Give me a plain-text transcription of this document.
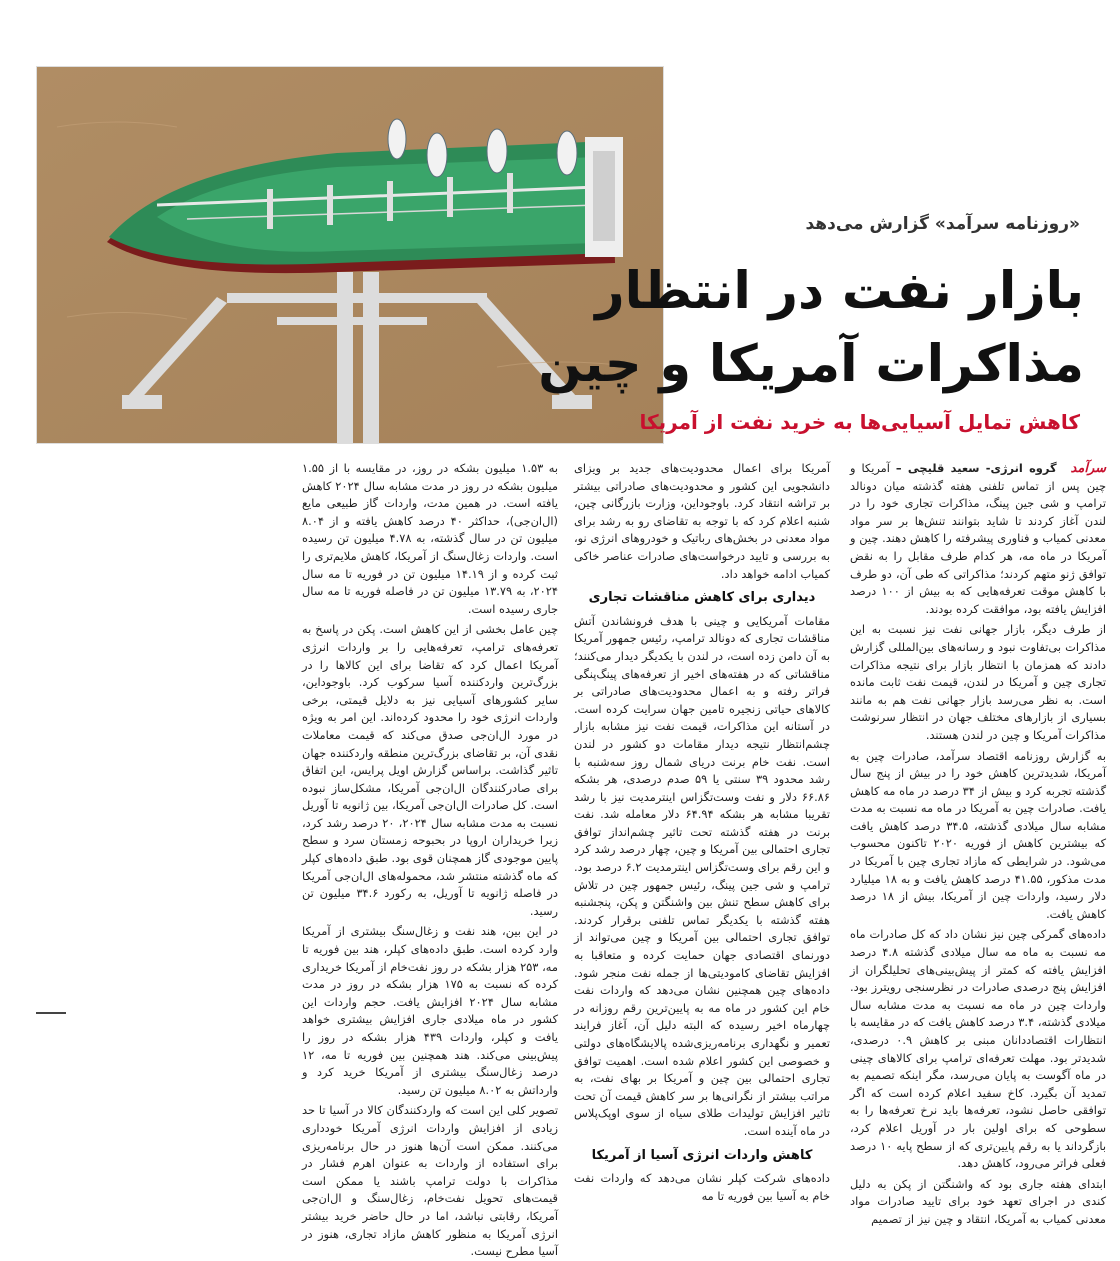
«روزنامه سرآمد» گزارش می‌دهد
بازار نفت در انتظار
مذاکرات آمریکا و چین
کاهش تمایل آسیایی‌ها به خرید نفت از آمریکا

سرآمد گروه انرژی- سعید قلیچی – آمریکا و چین پس از تماس تلفنی هفته گذشته میان دونالد ترامپ و شی جین پینگ، مذاکرات تجاری خود را در لندن آغاز کردند تا شاید بتوانند تنش‌ها بر سر مواد معدنی کمیاب و فناوری پیشرفته را کاهش دهند. چین و آمریکا در ماه مه، هر کدام طرف مقابل را به نقض توافق ژنو متهم کردند؛ مذاکراتی که طی آن، دو طرف با کاهش موقت تعرفه‌هایی که به بیش از ۱۰۰ درصد افزایش یافته بود، موافقت کرده بودند.

از طرف دیگر، بازار جهانی نفت نیز نسبت به این مذاکرات بی‌تفاوت نبود و رسانه‌های بین‌المللی گزارش دادند که همزمان با انتظار بازار برای نتیجه مذاکرات تجاری چین و آمریکا در لندن، قیمت نفت ثابت مانده است. به نظر می‌رسد بازار جهانی نفت هم به مانند بسیاری از بازارهای مختلف جهان در انتظار سرنوشت مذاکرات آمریکا و چین در لندن هستند.

به گزارش روزنامه اقتصاد سرآمد، صادرات چین به آمریکا، شدیدترین کاهش خود را در بیش از پنج سال گذشته تجربه کرد و بیش از ۳۴ درصد در ماه مه کاهش یافت. صادرات چین به آمریکا در ماه مه نسبت به مدت مشابه سال میلادی گذشته، ۳۴.۵ درصد کاهش یافت که بیشترین کاهش از فوریه ۲۰۲۰ تاکنون محسوب می‌شود. در شرایطی که مازاد تجاری چین با آمریکا در مدت مذکور، ۴۱.۵۵ درصد کاهش یافت و به ۱۸ میلیارد دلار رسید، واردات چین از آمریکا، بیش از ۱۸ درصد کاهش یافت.

داده‌های گمرکی چین نیز نشان داد که کل صادرات ماه مه نسبت به ماه مه سال میلادی گذشته ۴.۸ درصد افزایش یافته که کمتر از پیش‌بینی‌های تحلیلگران از افزایش پنج درصدی صادرات در نظرسنجی رویترز بود. واردات چین در ماه مه نسبت به مدت مشابه سال میلادی گذشته، ۳.۴ درصد کاهش یافت که در مقایسه با انتظارات اقتصاددانان مبنی بر کاهش ۰.۹ درصدی، شدیدتر بود. مهلت تعرفه‌ای ترامپ برای کالاهای چینی در ماه آگوست به پایان می‌رسد، مگر اینکه تصمیم به تمدید آن بگیرد. کاخ سفید اعلام کرده است که اگر توافقی حاصل نشود، تعرفه‌ها باید نرخ تعرفه‌ها را به سطوحی که برای اولین بار در آوریل اعلام کرد، بازگرداند یا به رقم پایین‌تری که از سطح پایه ۱۰ درصد فعلی فراتر می‌رود، کاهش دهد.

ابتدای هفته جاری بود که واشنگتن از پکن به دلیل کندی در اجرای تعهد خود برای تایید صادرات مواد معدنی کمیاب به آمریکا، انتقاد و چین نیز از تصمیم

آمریکا برای اعمال محدودیت‌های جدید بر ویزای دانشجویی این کشور و محدودیت‌های صادراتی بیشتر بر تراشه انتقاد کرد. باوجوداین، وزارت بازرگانی چین، شنبه اعلام کرد که با توجه به تقاضای رو به رشد برای مواد معدنی در بخش‌های رباتیک و خودروهای انرژی نو، به بررسی و تایید درخواست‌های صادرات عناصر خاکی کمیاب ادامه خواهد داد.

دیداری برای کاهش مناقشات تجاری

مقامات آمریکایی و چینی با هدف فرونشاندن آتش مناقشات تجاری که دونالد ترامپ، رئیس جمهور آمریکا به آن دامن زده است، در لندن با یکدیگر دیدار می‌کنند؛ مناقشاتی که در هفته‌های اخیر از تعرفه‌های پینگ‌پنگی فراتر رفته و به اعمال محدودیت‌های صادراتی بر کالاهای حیاتی زنجیره تامین جهان سرایت کرده است. در آستانه این مذاکرات، قیمت نفت نیز مشابه بازار چشم‌انتظار نتیجه دیدار مقامات دو کشور در لندن است. نفت خام برنت دریای شمال روز سه‌شنبه با رشد محدود ۳۹ سنتی یا ۵۹ صدم درصدی، هر بشکه ۶۶.۸۶ دلار و نفت وست‌تگزاس اینترمدیت نیز با رشد تقریبا مشابه هر بشکه ۶۴.۹۴ دلار معامله شد. نفت برنت در هفته گذشته تحت تاثیر چشم‌انداز توافق تجاری احتمالی بین آمریکا و چین، چهار درصد رشد کرد و این رقم برای وست‌تگزاس اینترمدیت ۶.۲ درصد بود. ترامپ و شی جین پینگ، رئیس جمهور چین در تلاش برای کاهش سطح تنش بین واشنگتن و پکن، پنجشنبه هفته گذشته با یکدیگر تماس تلفنی برقرار کردند. توافق تجاری احتمالی بین آمریکا و چین می‌تواند از دورنمای اقتصادی جهان حمایت کرده و متعاقبا به افزایش تقاضای کامودیتی‌ها از جمله نفت منجر شود. داده‌های چین همچنین نشان می‌دهد که واردات نفت خام این کشور در ماه مه به پایین‌ترین رقم روزانه در چهارماه اخیر رسیده که البته دلیل آن، آغاز فرایند تعمیر و نگهداری برنامه‌ریزی‌شده پالایشگاه‌های دولتی و خصوصی این کشور اعلام شده است. اهمیت توافق تجاری احتمالی بین چین و آمریکا بر بهای نفت، به مراتب بیشتر از نگرانی‌ها بر سر کاهش قیمت آن تحت تاثیر افزایش تولیدات طلای سیاه از سوی اوپک‌پلاس در ماه آینده است.

کاهش واردات انرژی آسیا از آمریکا

داده‌های شرکت کپلر نشان می‌دهد که واردات نفت خام به آسیا بین فوریه تا مه

به ۱.۵۳ میلیون بشکه در روز، در مقایسه با از ۱.۵۵ میلیون بشکه در روز در مدت مشابه سال ۲۰۲۴ کاهش یافته است. در همین مدت، واردات گاز طبیعی مایع (ال‌ان‌جی)، حداکثر ۴۰ درصد کاهش یافته و از ۸.۰۴ میلیون تن در سال گذشته، به ۴.۷۸ میلیون تن رسیده است. واردات زغال‌سنگ از آمریکا، کاهش ملایم‌تری را ثبت کرده و از ۱۴.۱۹ میلیون تن در فوریه تا مه سال ۲۰۲۴، به ۱۳.۷۹ میلیون تن در فاصله فوریه تا مه سال جاری رسیده است.

چین عامل بخشی از این کاهش است. پکن در پاسخ به تعرفه‌های ترامپ، تعرفه‌هایی را بر واردات انرژی آمریکا اعمال کرد که تقاضا برای این کالاها را در بزرگ‌ترین واردکننده آسیا سرکوب کرد. باوجوداین، سایر کشورهای آسیایی نیز به دلایل قیمتی، برخی واردات انرژی خود را محدود کرده‌اند. این امر به ویژه در مورد ال‌ان‌جی صدق می‌کند که قیمت معاملات نقدی آن، بر تقاضای بزرگ‌ترین منطقه واردکننده جهان تاثیر گذاشت. براساس گزارش اویل پرایس، این اتفاق برای صادرکنندگان ال‌ان‌جی آمریکا، مشکل‌ساز نبوده است. کل صادرات ال‌ان‌جی آمریکا، بین ژانویه تا آوریل نسبت به مدت مشابه سال ۲۰۲۴، ۲۰ درصد رشد کرد، زیرا خریداران اروپا در بحبوحه زمستان سرد و سطح پایین موجودی گاز همچنان قوی بود. طبق داده‌های کپلر که ماه گذشته منتشر شد، محموله‌های ال‌ان‌جی آمریکا در فاصله ژانویه تا آوریل، به رکورد ۳۴.۶ میلیون تن رسید.

در این بین، هند نفت و زغال‌سنگ بیشتری از آمریکا وارد کرده است. طبق داده‌های کپلر، هند بین فوریه تا مه، ۲۵۳ هزار بشکه در روز نفت‌خام از آمریکا خریداری کرده که نسبت به ۱۷۵ هزار بشکه در روز در مدت مشابه سال ۲۰۲۴ افزایش یافت. حجم واردات این کشور در ماه میلادی جاری افزایش بیشتری خواهد یافت و کپلر، واردات ۴۳۹ هزار بشکه در روز را پیش‌بینی می‌کند. هند همچنین بین فوریه تا مه، ۱۲ درصد زغال‌سنگ بیشتری از آمریکا خرید کرد و وارداتش به ۸.۰۲ میلیون تن رسید.

تصویر کلی این است که واردکنندگان کالا در آسیا تا حد زیادی از افزایش واردات انرژی آمریکا خودداری می‌کنند. ممکن است آن‌ها هنوز در حال برنامه‌ریزی برای استفاده از واردات به عنوان اهرم فشار در مذاکرات با دولت ترامپ باشند یا ممکن است قیمت‌های تحویل نفت‌خام، زغال‌سنگ و ال‌ان‌جی آمریکا، رقابتی نباشد، اما در حال حاضر خرید بیشتر انرژی آمریکا به منظور کاهش مازاد تجاری، هنوز در آسیا مطرح نیست.
